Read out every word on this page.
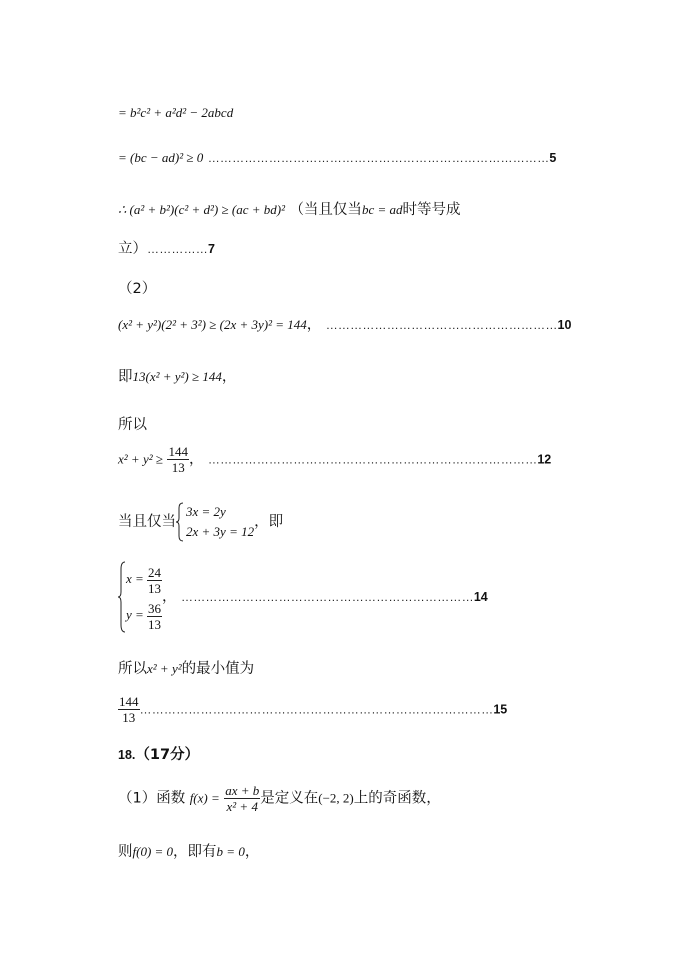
= b²c² + a²d² − 2abcd
= (bc − ad)² ≥ 0 …………………………………………………………………………5
∴ (a² + b²)(c² + d²) ≥ (ac + bd)² （当且仅当bc = ad时等号成
立）……………7
（2）
(x² + y²)(2² + 3²) ≥ (2x + 3y)² = 144， …………………………………………………10
即13(x² + y²) ≥ 144，
所以
$x^2 + y^2 \ge \frac{144}{13}$ ， ………………………………………………………………………12
当且仅当
3x = 2y
2x + 3y = 12
，即
$x = \frac{24}{13}$
$y = \frac{36}{13}$
， ………………………………………………………………14
所以x² + y²的最小值为
$\frac{144}{13}$ ……………………………………………………………………………15
18.（17分）
（1）函数 $f(x) = \frac{ax + b}{\text{x² + 4}}$ 是定义在(−2, 2)上的奇函数，
则f(0) = 0，即有b = 0，
